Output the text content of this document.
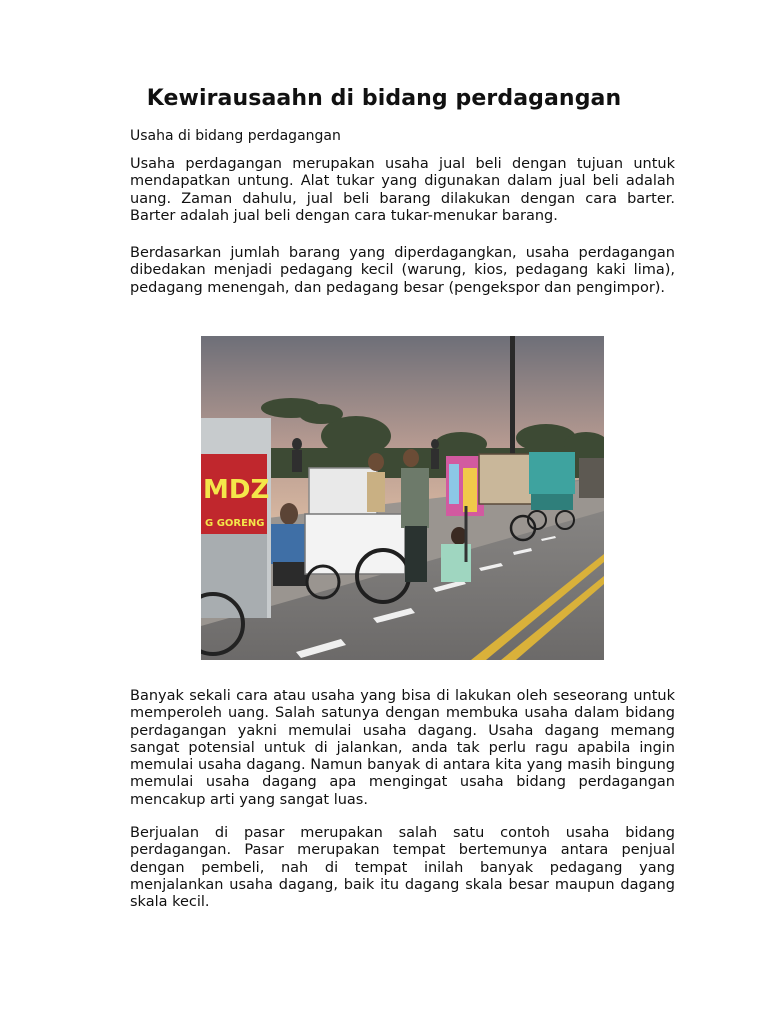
Kewirausaahn di bidang perdagangan
Usaha di bidang perdagangan

Usaha perdagangan merupakan usaha jual beli dengan tujuan untuk mendapatkan untung. Alat tukar yang digunakan dalam jual beli adalah uang. Zaman dahulu, jual beli barang dilakukan dengan cara barter. Barter adalah jual beli dengan cara tukar-menukar barang.

Berdasarkan jumlah barang yang diperdagangkan, usaha perdagangan dibedakan menjadi pedagang kecil (warung, kios, pedagang kaki lima), pedagang menengah, dan pedagang besar (pengekspor dan pengimpor).

MDZ
G GORENG

Banyak sekali cara atau usaha yang bisa di lakukan oleh seseorang untuk memperoleh uang. Salah satunya dengan membuka usaha dalam bidang perdagangan yakni memulai usaha dagang. Usaha dagang memang sangat potensial untuk di jalankan, anda tak perlu ragu apabila ingin memulai usaha dagang. Namun banyak di antara kita yang masih bingung memulai usaha dagang apa mengingat usaha bidang perdagangan mencakup arti yang sangat luas.

Berjualan di pasar merupakan salah satu contoh usaha bidang perdagangan. Pasar merupakan tempat bertemunya antara penjual dengan pembeli, nah di tempat inilah banyak pedagang yang menjalankan usaha dagang, baik itu dagang skala besar maupun dagang skala kecil.
